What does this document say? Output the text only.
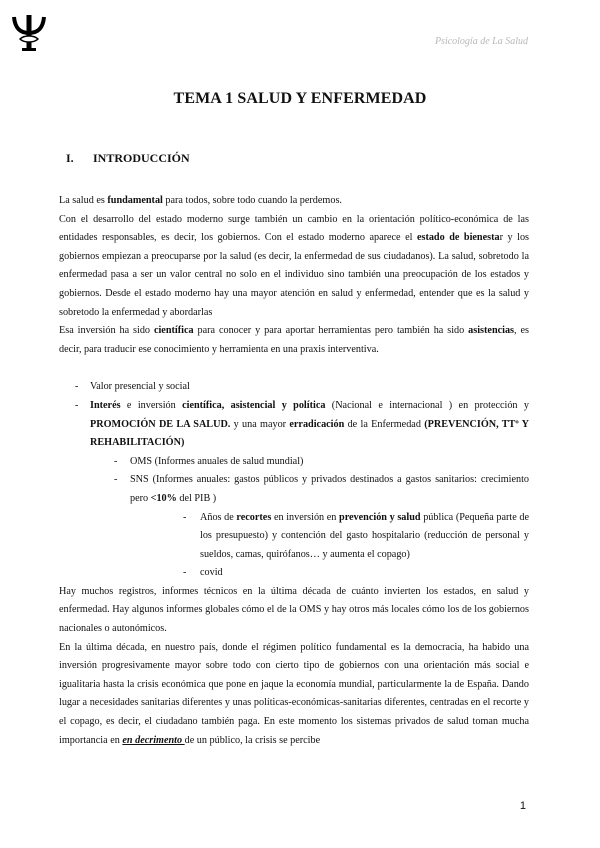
Psicología de La Salud
TEMA 1 SALUD Y ENFERMEDAD
I. INTRODUCCIÓN

La salud es fundamental para todos, sobre todo cuando la perdemos.

Con el desarrollo del estado moderno surge también un cambio en la orientación político-económica de las entidades responsables, es decir, los gobiernos. Con el estado moderno aparece el estado de bienestar y los gobiernos empiezan a preocuparse por la salud (es decir, la enfermedad de sus ciudadanos). La salud, sobretodo la enfermedad pasa a ser un valor central no solo en el individuo sino también una preocupación de los estados y gobiernos. Desde el estado moderno hay una mayor atención en salud y enfermedad, entender que es la salud y sobretodo la enfermedad y abordarlas

Esa inversión ha sido científica para conocer y para aportar herramientas pero también ha sido asistencias, es decir, para traducir ese conocimiento y herramienta en una praxis interventiva.

- Valor presencial y social
- Interés e inversión científica, asistencial y política (Nacional e internacional ) en protección y PROMOCIÓN DE LA SALUD. y una mayor erradicación de la Enfermedad (PREVENCIÓN, TTº Y REHABILITACIÓN)
- OMS (Informes anuales de salud mundial)
- SNS (Informes anuales: gastos públicos y privados destinados a gastos sanitarios: crecimiento pero <10% del PIB )
- Años de recortes en inversión en prevención y salud pública (Pequeña parte de los presupuesto) y contención del gasto hospitalario (reducción de personal y sueldos, camas, quirófanos… y aumenta el copago)
- covid

Hay muchos registros, informes técnicos en la última década de cuánto invierten los estados, en salud y enfermedad. Hay algunos informes globales cómo el de la OMS y hay otros más locales cómo los de los gobiernos nacionales o autonómicos.

En la última década, en nuestro país, donde el régimen político fundamental es la democracia, ha habido una inversión progresivamente mayor sobre todo con cierto tipo de gobiernos con una orientación más social e igualitaria hasta la crisis económica que pone en jaque la economía mundial, particularmente la de España. Dando lugar a necesidades sanitarias diferentes y unas políticas-económicas-sanitarias diferentes, centradas en el recorte y el copago, es decir, el ciudadano también paga. En este momento los sistemas privados de salud toman mucha importancia en en decrimento de un público, la crisis se percibe

1
